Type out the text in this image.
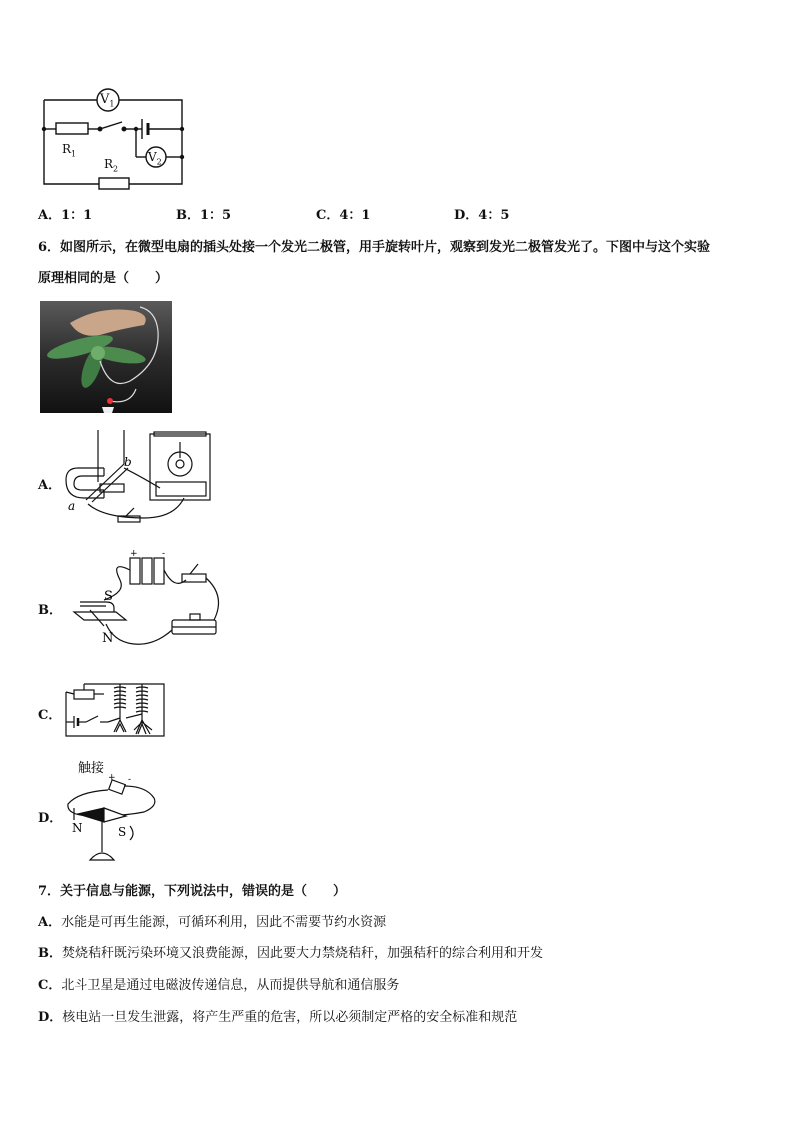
$V_1$
$V_2$
$R_1$
$R_2$
A．1：1	B．1：5	C．4：1	D．4：5
6．如图所示，在微型电扇的插头处接一个发光二极管，用手旋转叶片，观察到发光二极管发光了。下图中与这个实验
原理相同的是（　　）
A．
b
a
B．
+	-
S
N
C．
D．
触接
+ -
N	S
7．关于信息与能源，下列说法中，错误的是（　　）
A．水能是可再生能源，可循环利用，因此不需要节约水资源
B．焚烧秸秆既污染环境又浪费能源，因此要大力禁烧秸秆，加强秸秆的综合利用和开发
C．北斗卫星是通过电磁波传递信息，从而提供导航和通信服务
D．核电站一旦发生泄露，将产生严重的危害，所以必须制定严格的安全标准和规范
